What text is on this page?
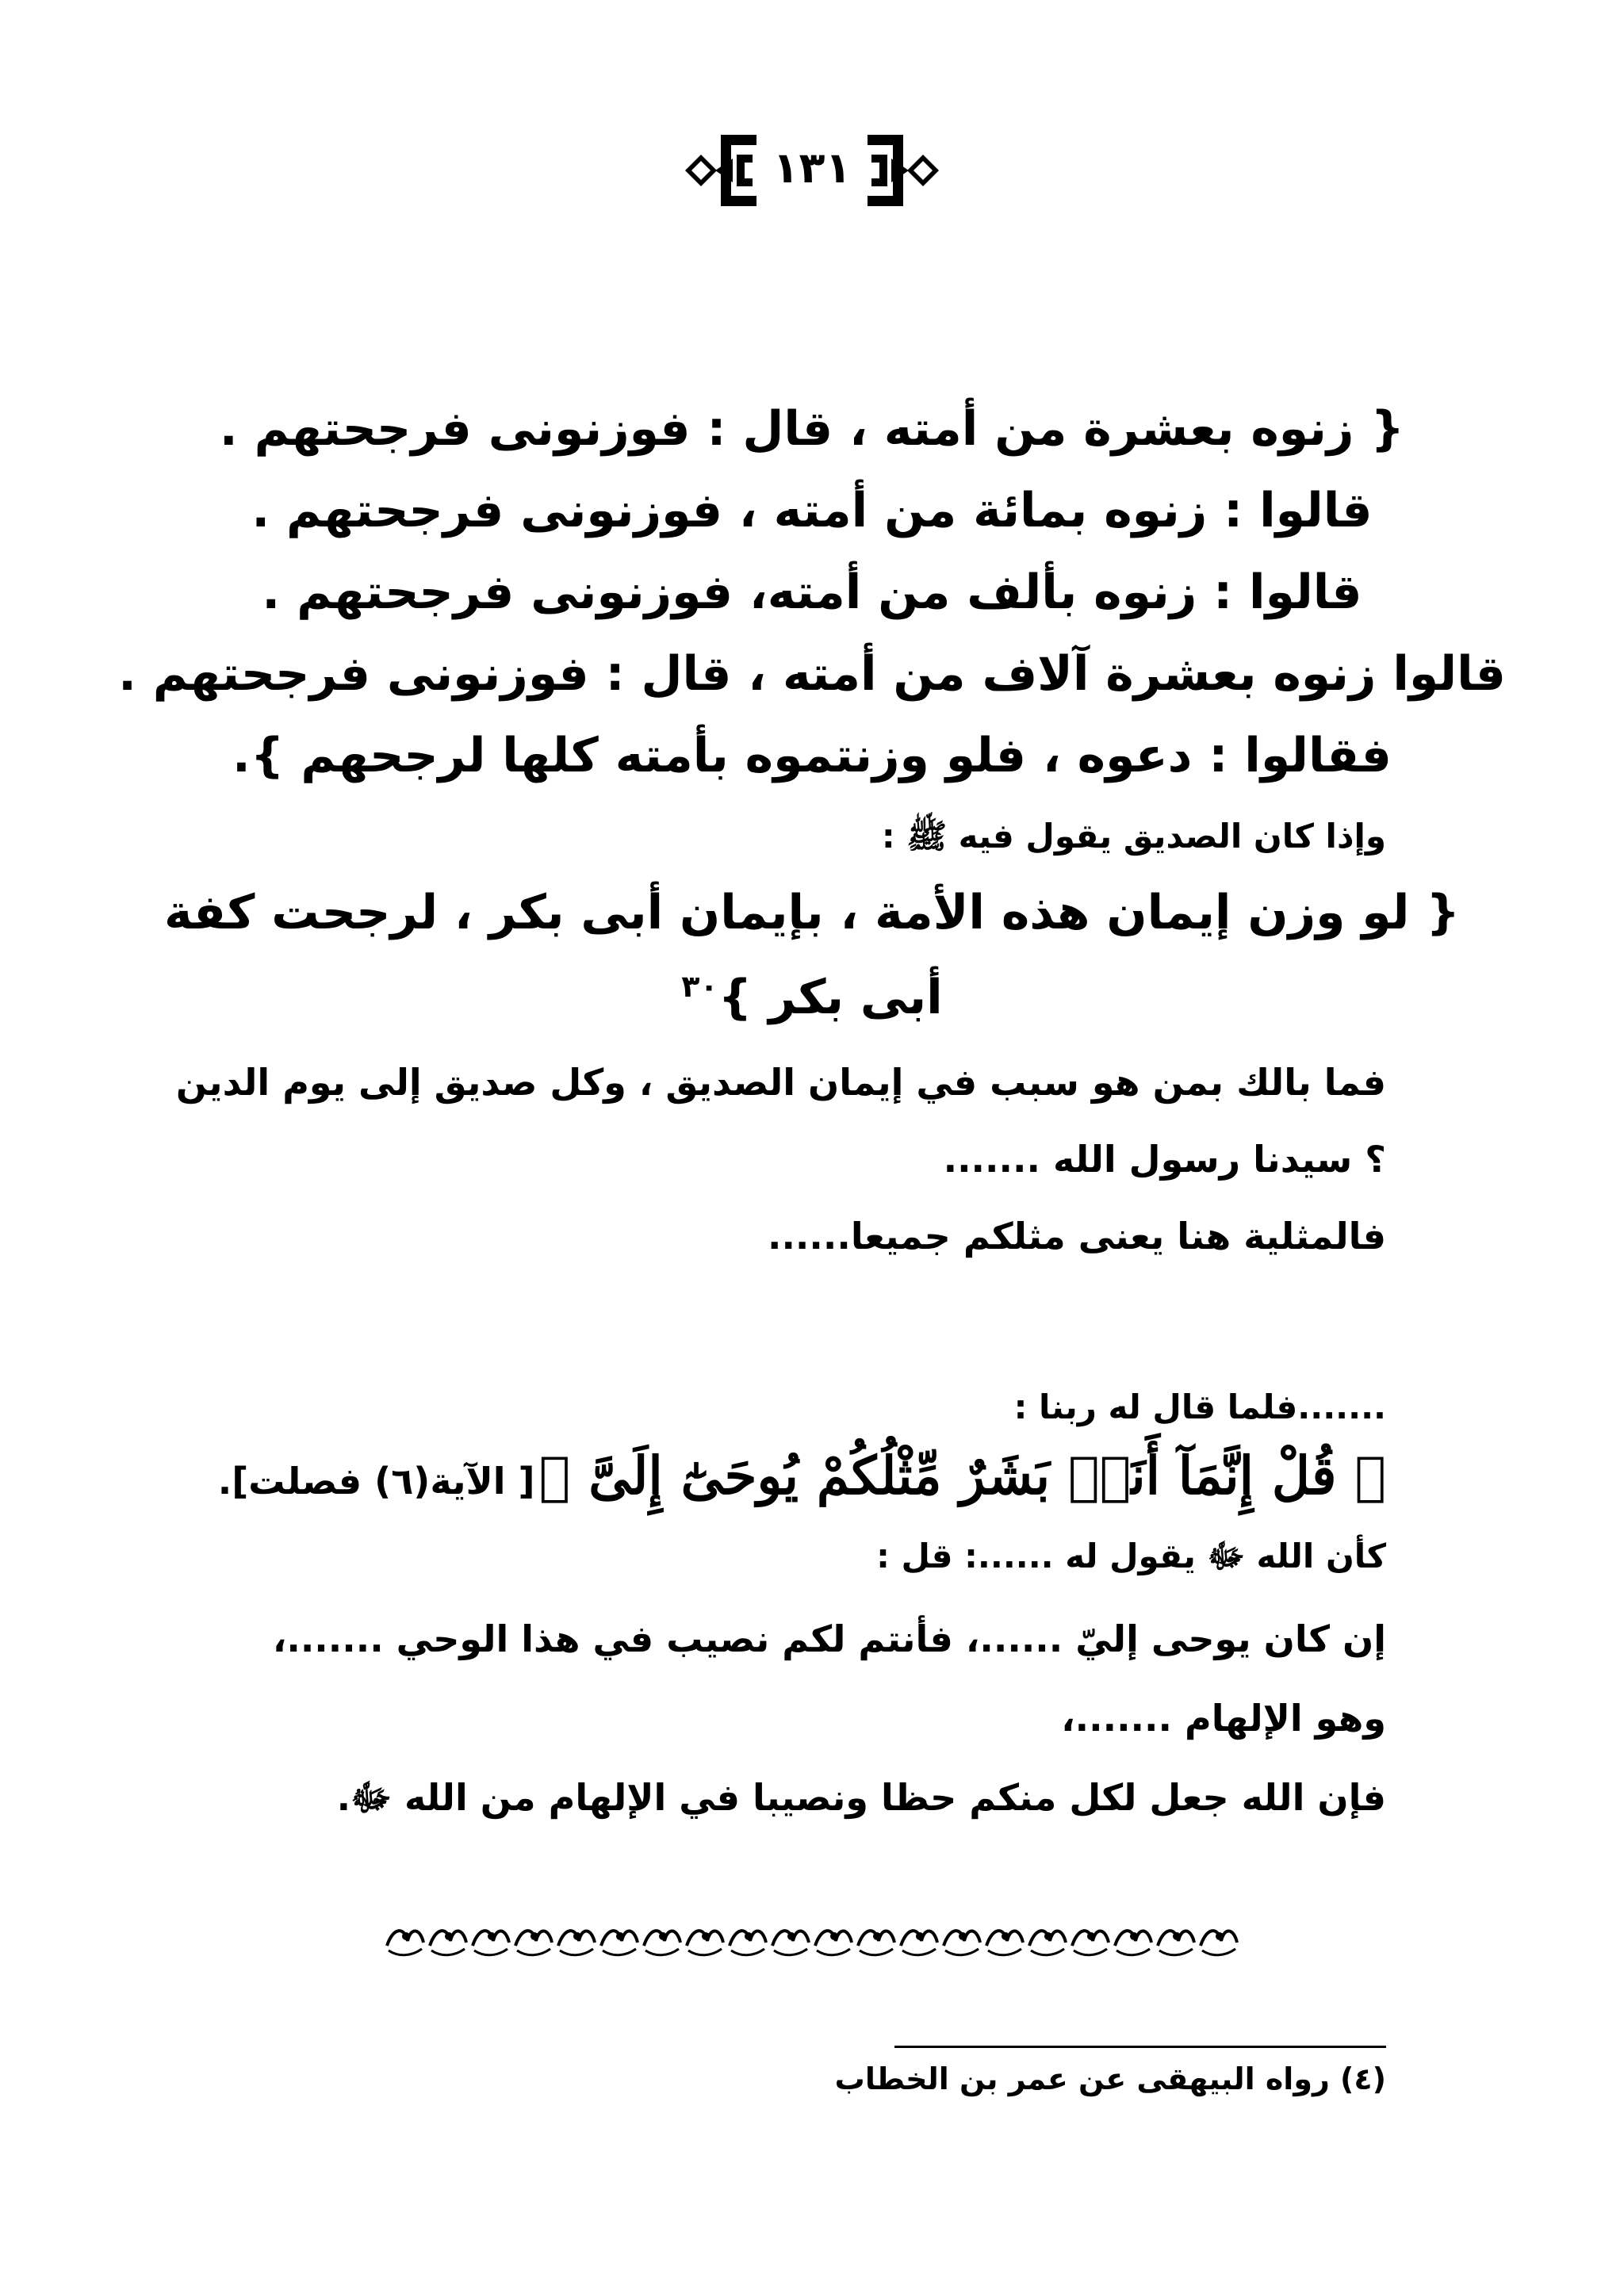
١٣١
{ زنوه بعشرة من أمته ، قال : فوزنونى فرجحتهم .
قالوا : زنوه بمائة من أمته ، فوزنونى فرجحتهم .
قالوا : زنوه بألف من أمته، فوزنونى فرجحتهم .
قالوا زنوه بعشرة آلاف من أمته ، قال : فوزنونى فرجحتهم .
فقالوا : دعوه ، فلو وزنتموه بأمته كلها لرجحهم }.
وإذا كان الصديق يقول فيه ﷺ :
{ لو وزن إيمان هذه الأمة ، بإيمان أبى بكر ، لرجحت كفة
أبى بكر }$^{٣٠}$
فما بالك بمن هو سبب في إيمان الصديق ، وكل صديق إلى يوم الدين
؟ سيدنا رسول الله .......
فالمثلية هنا يعنى مثلكم جميعا......
.......فلما قال له ربنا :
﴿ قُلْ إِنَّمَآ أَنَا۠ بَشَرٌ مِّثْلُكُمْ يُوحَىٰٓ إِلَىَّ ﴾ [ الآية(٦) فصلت].
كأن الله ﷻ يقول له ......: قل :
إن كان يوحى إليّ ......، فأنتم لكم نصيب في هذا الوحي .......،
وهو الإلهام .......،
فإن الله جعل لكل منكم حظا ونصيبا في الإلهام من الله ﷻ.
(٤) رواه البيهقى عن عمر بن الخطاب
